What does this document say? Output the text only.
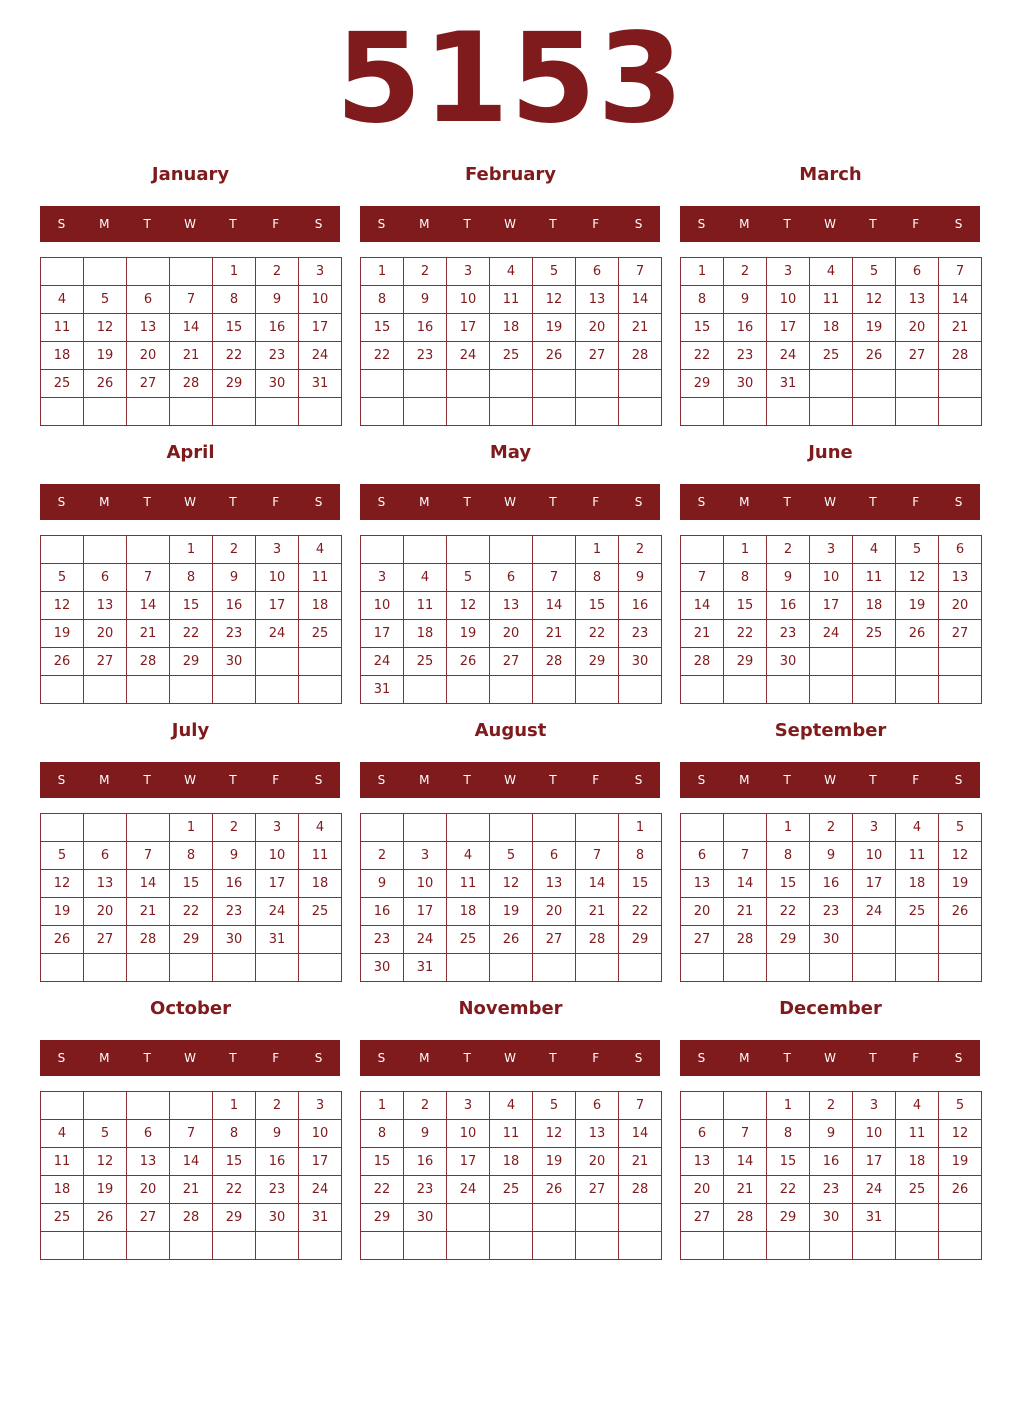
5153
January
S	M	T	W	T	F	S
				1	2	3
4	5	6	7	8	9	10
11	12	13	14	15	16	17
18	19	20	21	22	23	24
25	26	27	28	29	30	31

February
S	M	T	W	T	F	S
1	2	3	4	5	6	7
8	9	10	11	12	13	14
15	16	17	18	19	20	21
22	23	24	25	26	27	28

March
S	M	T	W	T	F	S
1	2	3	4	5	6	7
8	9	10	11	12	13	14
15	16	17	18	19	20	21
22	23	24	25	26	27	28
29	30	31				

April
S	M	T	W	T	F	S
			1	2	3	4
5	6	7	8	9	10	11
12	13	14	15	16	17	18
19	20	21	22	23	24	25
26	27	28	29	30		

May
S	M	T	W	T	F	S
					1	2
3	4	5	6	7	8	9
10	11	12	13	14	15	16
17	18	19	20	21	22	23
24	25	26	27	28	29	30
31						
June
S	M	T	W	T	F	S
	1	2	3	4	5	6
7	8	9	10	11	12	13
14	15	16	17	18	19	20
21	22	23	24	25	26	27
28	29	30				

July
S	M	T	W	T	F	S
			1	2	3	4
5	6	7	8	9	10	11
12	13	14	15	16	17	18
19	20	21	22	23	24	25
26	27	28	29	30	31	

August
S	M	T	W	T	F	S
						1
2	3	4	5	6	7	8
9	10	11	12	13	14	15
16	17	18	19	20	21	22
23	24	25	26	27	28	29
30	31					
September
S	M	T	W	T	F	S
		1	2	3	4	5
6	7	8	9	10	11	12
13	14	15	16	17	18	19
20	21	22	23	24	25	26
27	28	29	30			

October
S	M	T	W	T	F	S
				1	2	3
4	5	6	7	8	9	10
11	12	13	14	15	16	17
18	19	20	21	22	23	24
25	26	27	28	29	30	31

November
S	M	T	W	T	F	S
1	2	3	4	5	6	7
8	9	10	11	12	13	14
15	16	17	18	19	20	21
22	23	24	25	26	27	28
29	30					

December
S	M	T	W	T	F	S
		1	2	3	4	5
6	7	8	9	10	11	12
13	14	15	16	17	18	19
20	21	22	23	24	25	26
27	28	29	30	31		
